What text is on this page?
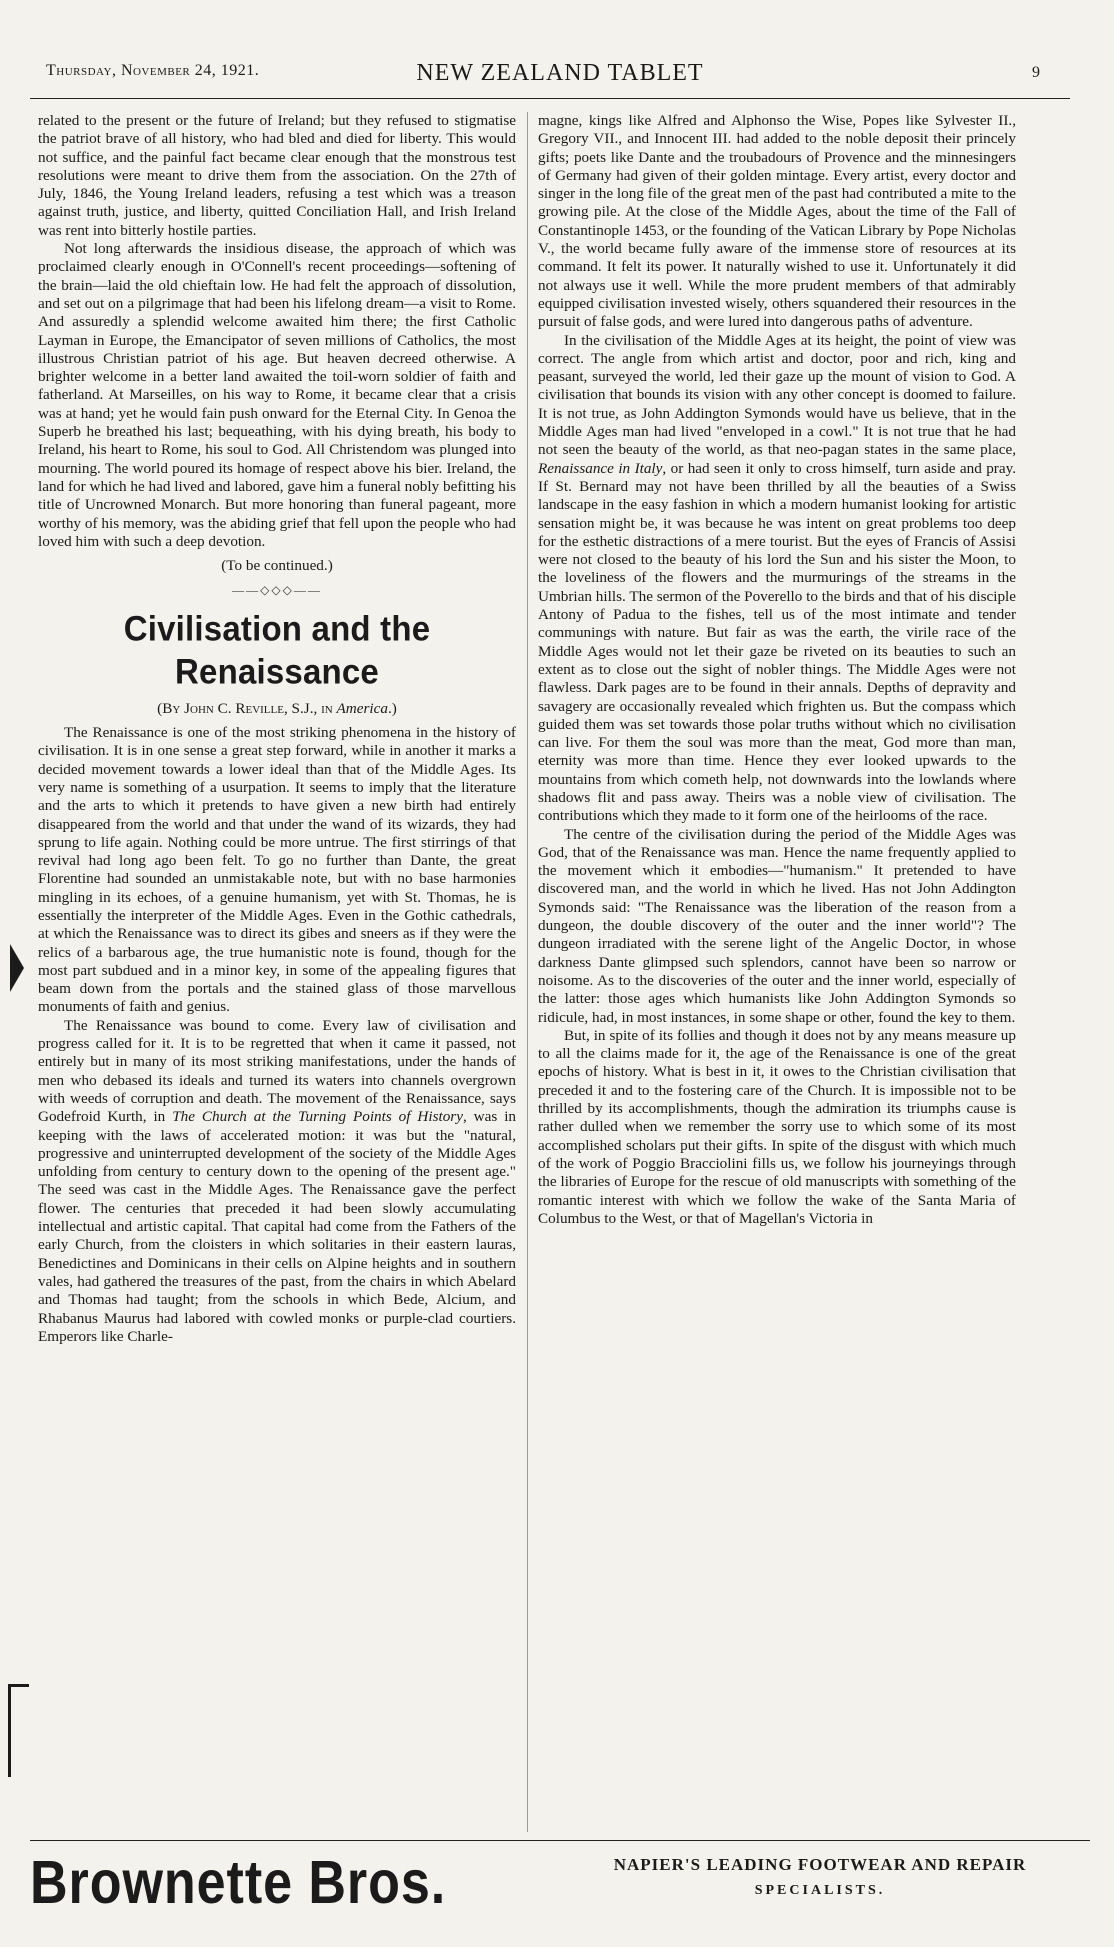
Thursday, November 24, 1921.	NEW ZEALAND TABLET	9

related to the present or the future of Ireland; but they refused to stigmatise the patriot brave of all history, who had bled and died for liberty. This would not suffice, and the painful fact became clear enough that the monstrous test resolutions were meant to drive them from the association. On the 27th of July, 1846, the Young Ireland leaders, refusing a test which was a treason against truth, justice, and liberty, quitted Conciliation Hall, and Irish Ireland was rent into bitterly hostile parties.

Not long afterwards the insidious disease, the approach of which was proclaimed clearly enough in O'Connell's recent proceedings—softening of the brain—laid the old chieftain low. He had felt the approach of dissolution, and set out on a pilgrimage that had been his lifelong dream—a visit to Rome. And assuredly a splendid welcome awaited him there; the first Catholic Layman in Europe, the Emancipator of seven millions of Catholics, the most illustrous Christian patriot of his age. But heaven decreed otherwise. A brighter welcome in a better land awaited the toil-worn soldier of faith and fatherland. At Marseilles, on his way to Rome, it became clear that a crisis was at hand; yet he would fain push onward for the Eternal City. In Genoa the Superb he breathed his last; bequeathing, with his dying breath, his body to Ireland, his heart to Rome, his soul to God. All Christendom was plunged into mourning. The world poured its homage of respect above his bier. Ireland, the land for which he had lived and labored, gave him a funeral nobly befitting his title of Uncrowned Monarch. But more honoring than funeral pageant, more worthy of his memory, was the abiding grief that fell upon the people who had loved him with such a deep devotion.

(To be continued.)
——◇◇◇——
Civilisation and the Renaissance
(By John C. Reville, S.J., in America.)

The Renaissance is one of the most striking phenomena in the history of civilisation. It is in one sense a great step forward, while in another it marks a decided movement towards a lower ideal than that of the Middle Ages. Its very name is something of a usurpation. It seems to imply that the literature and the arts to which it pretends to have given a new birth had entirely disappeared from the world and that under the wand of its wizards, they had sprung to life again. Nothing could be more untrue. The first stirrings of that revival had long ago been felt. To go no further than Dante, the great Florentine had sounded an unmistakable note, but with no base harmonies mingling in its echoes, of a genuine humanism, yet with St. Thomas, he is essentially the interpreter of the Middle Ages. Even in the Gothic cathedrals, at which the Renaissance was to direct its gibes and sneers as if they were the relics of a barbarous age, the true humanistic note is found, though for the most part subdued and in a minor key, in some of the appealing figures that beam down from the portals and the stained glass of those marvellous monuments of faith and genius.

The Renaissance was bound to come. Every law of civilisation and progress called for it. It is to be regretted that when it came it passed, not entirely but in many of its most striking manifestations, under the hands of men who debased its ideals and turned its waters into channels overgrown with weeds of corruption and death. The movement of the Renaissance, says Godefroid Kurth, in The Church at the Turning Points of History, was in keeping with the laws of accelerated motion: it was but the "natural, progressive and uninterrupted development of the society of the Middle Ages unfolding from century to century down to the opening of the present age." The seed was cast in the Middle Ages. The Renaissance gave the perfect flower. The centuries that preceded it had been slowly accumulating intellectual and artistic capital. That capital had come from the Fathers of the early Church, from the cloisters in which solitaries in their eastern lauras, Benedictines and Dominicans in their cells on Alpine heights and in southern vales, had gathered the treasures of the past, from the chairs in which Abelard and Thomas had taught; from the schools in which Bede, Alcium, and Rhabanus Maurus had labored with cowled monks or purple-clad courtiers. Emperors like Charle-

magne, kings like Alfred and Alphonso the Wise, Popes like Sylvester II., Gregory VII., and Innocent III. had added to the noble deposit their princely gifts; poets like Dante and the troubadours of Provence and the minnesingers of Germany had given of their golden mintage. Every artist, every doctor and singer in the long file of the great men of the past had contributed a mite to the growing pile. At the close of the Middle Ages, about the time of the Fall of Constantinople 1453, or the founding of the Vatican Library by Pope Nicholas V., the world became fully aware of the immense store of resources at its command. It felt its power. It naturally wished to use it. Unfortunately it did not always use it well. While the more prudent members of that admirably equipped civilisation invested wisely, others squandered their resources in the pursuit of false gods, and were lured into dangerous paths of adventure.

In the civilisation of the Middle Ages at its height, the point of view was correct. The angle from which artist and doctor, poor and rich, king and peasant, surveyed the world, led their gaze up the mount of vision to God. A civilisation that bounds its vision with any other concept is doomed to failure. It is not true, as John Addington Symonds would have us believe, that in the Middle Ages man had lived "enveloped in a cowl." It is not true that he had not seen the beauty of the world, as that neo-pagan states in the same place, Renaissance in Italy, or had seen it only to cross himself, turn aside and pray. If St. Bernard may not have been thrilled by all the beauties of a Swiss landscape in the easy fashion in which a modern humanist looking for artistic sensation might be, it was because he was intent on great problems too deep for the esthetic distractions of a mere tourist. But the eyes of Francis of Assisi were not closed to the beauty of his lord the Sun and his sister the Moon, to the loveliness of the flowers and the murmurings of the streams in the Umbrian hills. The sermon of the Poverello to the birds and that of his disciple Antony of Padua to the fishes, tell us of the most intimate and tender communings with nature. But fair as was the earth, the virile race of the Middle Ages would not let their gaze be riveted on its beauties to such an extent as to close out the sight of nobler things. The Middle Ages were not flawless. Dark pages are to be found in their annals. Depths of depravity and savagery are occasionally revealed which frighten us. But the compass which guided them was set towards those polar truths without which no civilisation can live. For them the soul was more than the meat, God more than man, eternity was more than time. Hence they ever looked upwards to the mountains from which cometh help, not downwards into the lowlands where shadows flit and pass away. Theirs was a noble view of civilisation. The contributions which they made to it form one of the heirlooms of the race.

The centre of the civilisation during the period of the Middle Ages was God, that of the Renaissance was man. Hence the name frequently applied to the movement which it embodies—"humanism." It pretended to have discovered man, and the world in which he lived. Has not John Addington Symonds said: "The Renaissance was the liberation of the reason from a dungeon, the double discovery of the outer and the inner world"? The dungeon irradiated with the serene light of the Angelic Doctor, in whose darkness Dante glimpsed such splendors, cannot have been so narrow or noisome. As to the discoveries of the outer and the inner world, especially of the latter: those ages which humanists like John Addington Symonds so ridicule, had, in most instances, in some shape or other, found the key to them.

But, in spite of its follies and though it does not by any means measure up to all the claims made for it, the age of the Renaissance is one of the great epochs of history. What is best in it, it owes to the Christian civilisation that preceded it and to the fostering care of the Church. It is impossible not to be thrilled by its accomplishments, though the admiration its triumphs cause is rather dulled when we remember the sorry use to which some of its most accomplished scholars put their gifts. In spite of the disgust with which much of the work of Poggio Bracciolini fills us, we follow his journeyings through the libraries of Europe for the rescue of old manuscripts with something of the romantic interest with which we follow the wake of the Santa Maria of Columbus to the West, or that of Magellan's Victoria in

Brownette Bros.	NAPIER'S LEADING FOOTWEAR AND REPAIR
SPECIALISTS.
